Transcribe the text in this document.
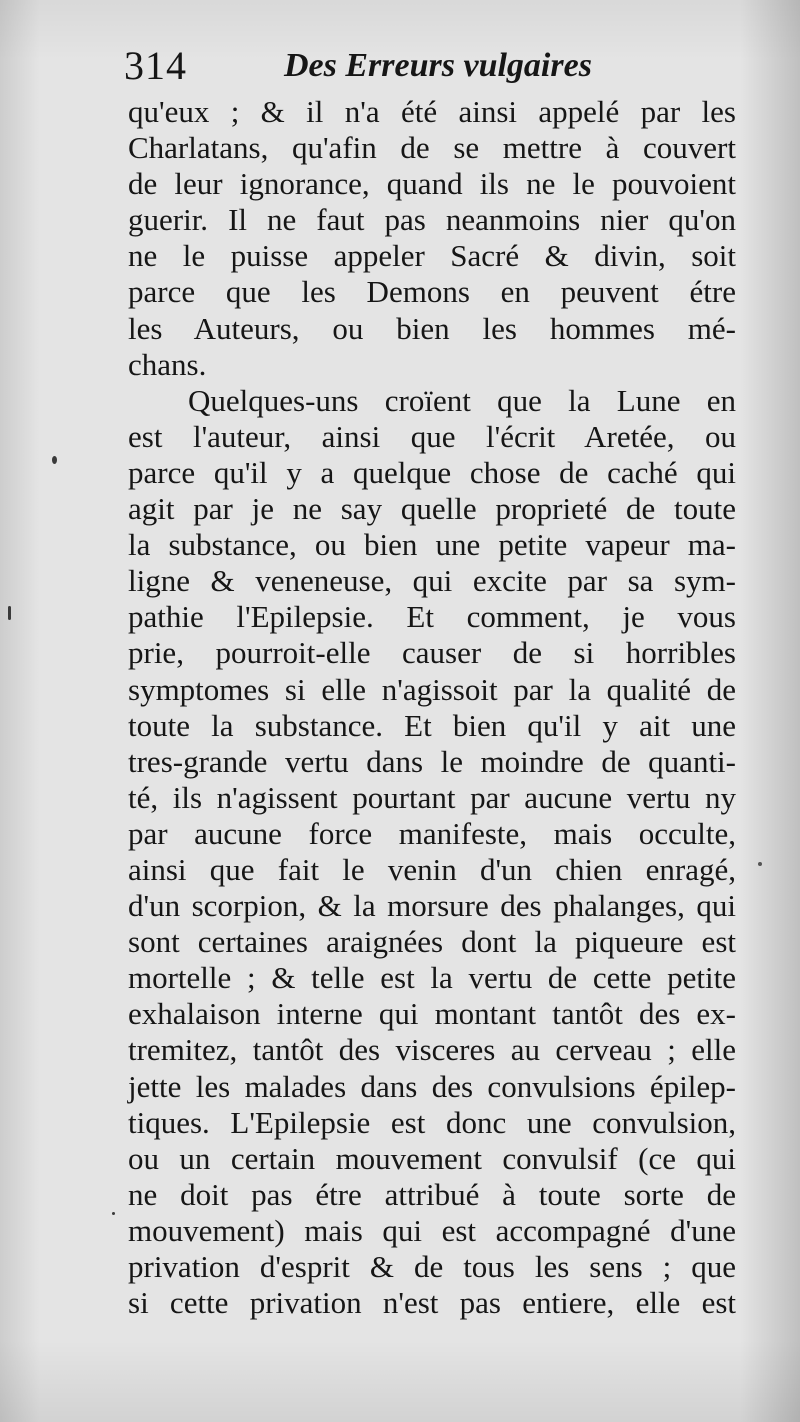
314	Des Erreurs vulgaires
qu'eux ; & il n'a été ainsi appelé par les
Charlatans, qu'afin de se mettre à couvert
de leur ignorance, quand ils ne le pouvoient
guerir. Il ne faut pas neanmoins nier qu'on
ne le puisse appeler Sacré & divin, soit
parce que les Demons en peuvent étre
les Auteurs, ou bien les hommes mé-
chans.
Quelques-uns croïent que la Lune en
est l'auteur, ainsi que l'écrit Aretée, ou
parce qu'il y a quelque chose de caché qui
agit par je ne say quelle proprieté de toute
la substance, ou bien une petite vapeur ma-
ligne & veneneuse, qui excite par sa sym-
pathie l'Epilepsie. Et comment, je vous
prie, pourroit-elle causer de si horribles
symptomes si elle n'agissoit par la qualité de
toute la substance. Et bien qu'il y ait une
tres-grande vertu dans le moindre de quanti-
té, ils n'agissent pourtant par aucune vertu ny
par aucune force manifeste, mais occulte,
ainsi que fait le venin d'un chien enragé,
d'un scorpion, & la morsure des phalanges, qui
sont certaines araignées dont la piqueure est
mortelle ; & telle est la vertu de cette petite
exhalaison interne qui montant tantôt des ex-
tremitez, tantôt des visceres au cerveau ; elle
jette les malades dans des convulsions épilep-
tiques. L'Epilepsie est donc une convulsion,
ou un certain mouvement convulsif (ce qui
ne doit pas étre attribué à toute sorte de
mouvement) mais qui est accompagné d'une
privation d'esprit & de tous les sens ; que
si cette privation n'est pas entiere, elle est
